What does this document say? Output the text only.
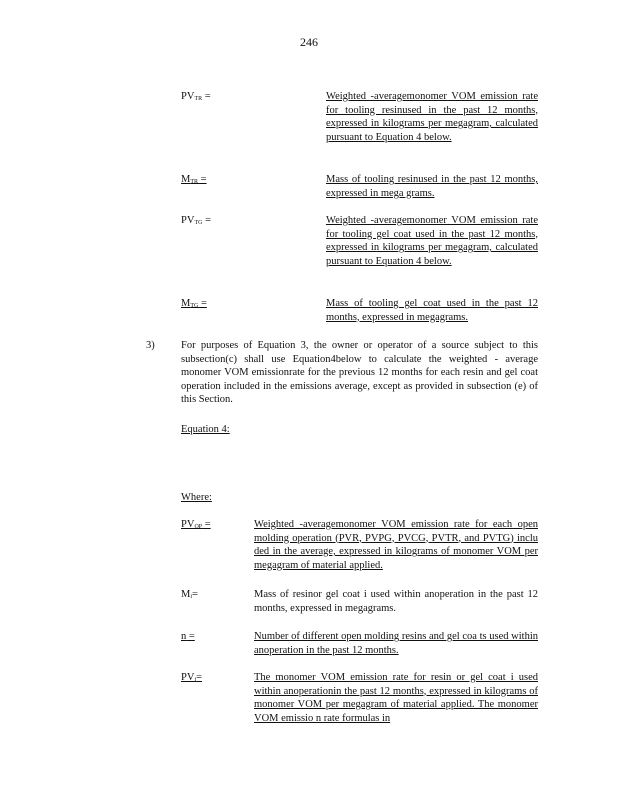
246
$PV_{TR}$ =	Weighted -averagemonomer VOM emission rate for tooling resinused in the past 12 months, expressed in kilograms per megagram, calculated pursuant to Equation 4 below.
$M_{TR}$ =	Mass of tooling resinused in the past 12 months, expressed in mega grams.
$PV_{TG}$ =	Weighted -averagemonomer VOM emission rate for tooling gel coat used in the past 12 months, expressed in kilograms per megagram, calculated pursuant to Equation 4 below.
$M_{TG}$ =	Mass of tooling gel coat used in the past 12 months, expressed in megagrams.
3)	For purposes of Equation 3, the owner or operator of a source subject to this subsection(c) shall use Equation4below to calculate the weighted - average monomer VOM emissionrate for the previous 12 months for each resin and gel coat operation included in the emissions average, except as provided in subsection (e) of this Section.
Equation 4:
Where:
$PV_{OP}$ =	Weighted -averagemonomer VOM emission rate for each open molding operation (PVR, PVPG, PVCG, PVTR, and PVTG) inclu ded in the average, expressed in kilograms of monomer VOM per megagram of material applied.
$M_i=$	Mass of resinor gel coat i used within anoperation in the past 12 months, expressed in megagrams.
n =	Number of different open molding resins and gel coa ts used within anoperation in the past 12 months.
$PV_i=$	The monomer VOM emission rate for resin or gel coat i used within anoperationin the past 12 months, expressed in kilograms of monomer VOM per megagram of material applied. The monomer VOM emissio n rate formulas in
